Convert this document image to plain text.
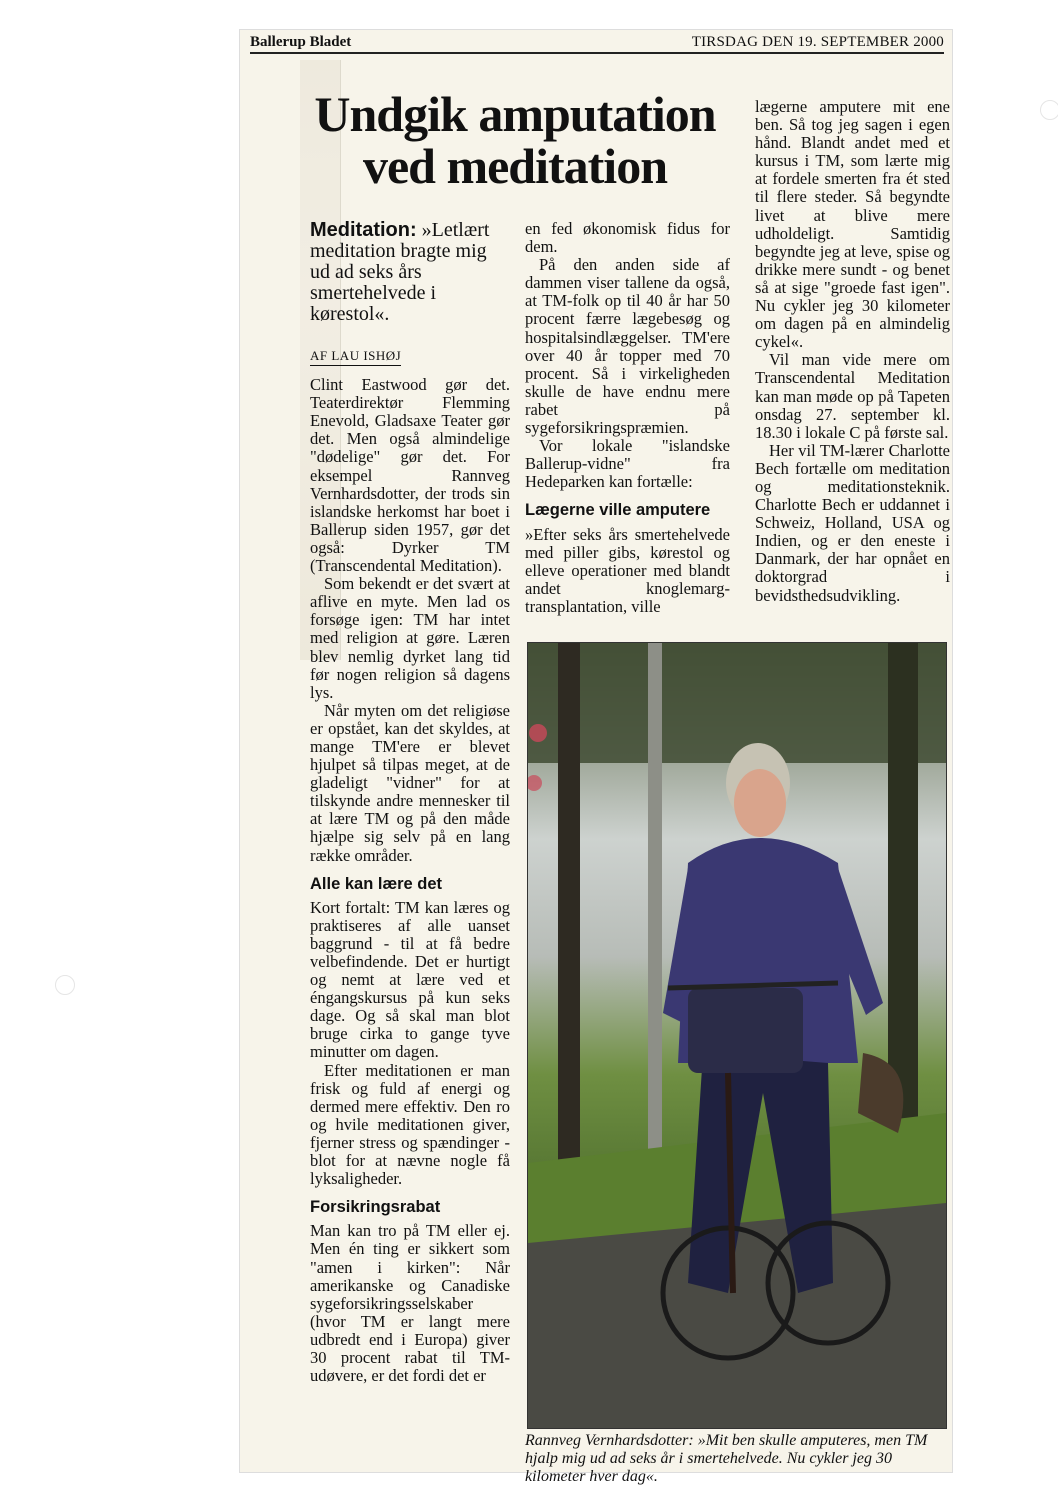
Ballerup Bladet	TIRSDAG DEN 19. SEPTEMBER 2000
Undgik amputation ved meditation
Meditation: »Letlært meditation bragte mig ud ad seks års smertehelvede i kørestol«.
AF LAU ISHØJ

Clint Eastwood gør det. Teaterdirektør Flemming Enevold, Gladsaxe Teater gør det. Men også almindelige "dødelige" gør det. For eksempel Rannveg Vernhardsdotter, der trods sin islandske herkomst har boet i Ballerup siden 1957, gør det også: Dyrker TM (Transcendental Meditation).

Som bekendt er det svært at aflive en myte. Men lad os forsøge igen: TM har intet med religion at gøre. Læren blev nemlig dyrket lang tid før nogen religion så dagens lys.

Når myten om det religiøse er opstået, kan det skyldes, at mange TM'ere er blevet hjulpet så tilpas meget, at de gladeligt "vidner" for at tilskynde andre mennesker til at lære TM og på den måde hjælpe sig selv på en lang række områder.

Alle kan lære det

Kort fortalt: TM kan læres og praktiseres af alle uanset baggrund - til at få bedre velbefindende. Det er hurtigt og nemt at lære ved et éngangskursus på kun seks dage. Og så skal man blot bruge cirka to gange tyve minutter om dagen.

Efter meditationen er man frisk og fuld af energi og dermed mere effektiv. Den ro og hvile meditationen giver, fjerner stress og spændinger - blot for at nævne nogle få lyksaligheder.

Forsikringsrabat

Man kan tro på TM eller ej. Men én ting er sikkert som "amen i kirken": Når amerikanske og Canadiske sygeforsikringsselskaber (hvor TM er langt mere udbredt end i Europa) giver 30 procent rabat til TM-udøvere, er det fordi det er

en fed økonomisk fidus for dem.

På den anden side af dammen viser tallene da også, at TM-folk op til 40 år har 50 procent færre lægebesøg og hospitalsindlæggelser. TM'ere over 40 år topper med 70 procent. Så i virkeligheden skulle de have endnu mere rabet på sygeforsikringspræmien.

Vor lokale "islandske Ballerup-vidne" fra Hedeparken kan fortælle:

Lægerne ville amputere

»Efter seks års smertehelvede med piller gibs, kørestol og elleve operationer med blandt andet knoglemarg-transplantation, ville

lægerne amputere mit ene ben. Så tog jeg sagen i egen hånd. Blandt andet med et kursus i TM, som lærte mig at fordele smerten fra ét sted til flere steder. Så begyndte livet at blive mere udholdeligt. Samtidig begyndte jeg at leve, spise og drikke mere sundt - og benet så at sige "groede fast igen". Nu cykler jeg 30 kilometer om dagen på en almindelig cykel«.

Vil man vide mere om Transcendental Meditation kan man møde op på Tapeten onsdag 27. september kl. 18.30 i lokale C på første sal.

Her vil TM-lærer Charlotte Bech fortælle om meditation og meditationsteknik. Charlotte Bech er uddannet i Schweiz, Holland, USA og Indien, og er den eneste i Danmark, der har opnået en doktorgrad i bevidsthedsudvikling.

Rannveg Vernhardsdotter: »Mit ben skulle amputeres, men TM hjalp mig ud ad seks år i smertehelvede. Nu cykler jeg 30 kilometer hver dag«.
